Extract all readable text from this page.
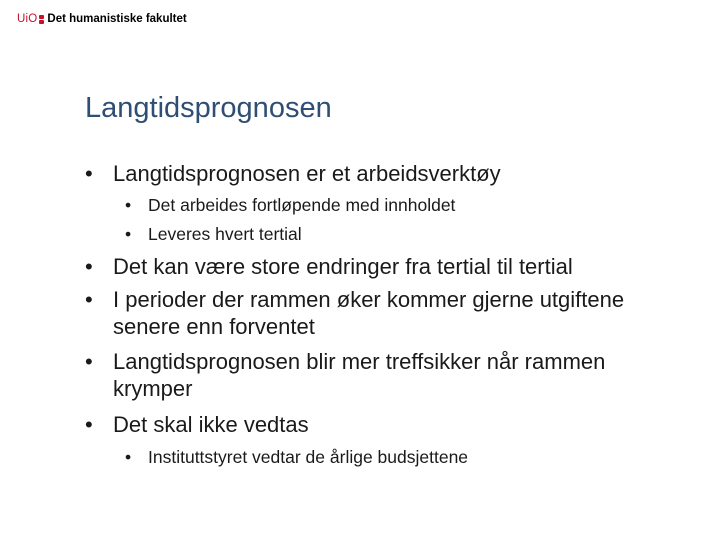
UiO Det humanistiske fakultet
Langtidsprognosen
• Langtidsprognosen er et arbeidsverktøy
• Det arbeides fortløpende med innholdet
• Leveres hvert tertial
• Det kan være store endringer fra tertial til tertial
• I perioder der rammen øker kommer gjerne utgiftene senere enn forventet
• Langtidsprognosen blir mer treffsikker når rammen krymper
• Det skal ikke vedtas
• Instituttstyret vedtar de årlige budsjettene
